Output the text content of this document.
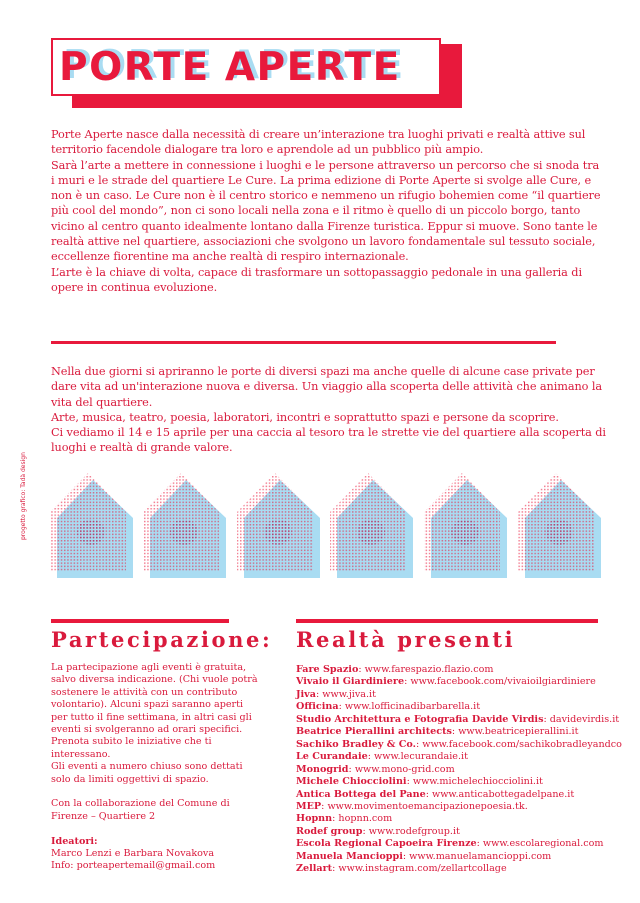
PORTE APERTE

Porte Aperte nasce dalla necessità di creare un’interazione tra luoghi privati e realtà attive sul territorio facendole dialogare tra loro e aprendole ad un pubblico più ampio.

Sarà l’arte a mettere in connessione i luoghi e le persone attraverso un percorso che si snoda tra i muri e le strade del quartiere Le Cure. La prima edizione di Porte Aperte si svolge alle Cure, e non è un caso. Le Cure non è il centro storico e nemmeno un rifugio bohemien come “il quartiere più cool del mondo”, non ci sono locali nella zona e il ritmo è quello di un piccolo borgo, tanto vicino al centro quanto idealmente lontano dalla Firenze turistica. Eppur si muove. Sono tante le realtà attive nel quartiere, associazioni che svolgono un lavoro fondamentale sul tessuto sociale, eccellenze fiorentine ma anche realtà di respiro internazionale.

L’arte è la chiave di volta, capace di trasformare un sottopassaggio pedonale in una galleria di opere in continua evoluzione.

Nella due giorni si apriranno le porte di diversi spazi ma anche quelle di alcune case private per dare vita ad un'interazione nuova e diversa. Un viaggio alla scoperta delle attività che animano la vita del quartiere.

Arte, musica, teatro, poesia, laboratori, incontri e soprattutto spazi e persone da scoprire.

Ci vediamo il 14 e 15 aprile per una caccia al tesoro tra le strette vie del quartiere alla scoperta di luoghi e realtà di grande valore.

progetto grafico: Tadà design
Partecipazione:

La partecipazione agli eventi è gratuita, salvo diversa indicazione. (Chi vuole potrà sostenere le attività con un contributo volontario). Alcuni spazi saranno aperti per tutto il fine settimana, in altri casi gli eventi si svolgeranno ad orari specifici. Prenota subito le iniziative che ti interessano.

Gli eventi a numero chiuso sono dettati solo da limiti oggettivi di spazio.

Con la collaborazione del Comune di Firenze – Quartiere 2

Ideatori:

Marco Lenzi e Barbara Novakova

Info: porteapertemail@gmail.com

Realtà presenti
Fare Spazio: www.farespazio.flazio.com
Vivaio il Giardiniere: www.facebook.com/vivaioilgiardiniere
Jiva: www.jiva.it
Officina: www.lofficinadibarbarella.it
Studio Architettura e Fotografia Davide Virdis: davidevirdis.it
Beatrice Pierallini architects: www.beatricepierallini.it
Sachiko Bradley & Co.: www.facebook.com/sachikobradleyandco
Le Curandaie: www.lecurandaie.it
Monogrid: www.mono-grid.com
Michele Chiocciolini: www.michelechiocciolini.it
Antica Bottega del Pane: www.anticabottegadelpane.it
MEP: www.movimentoemancipazionepoesia.tk.
Hopnn: hopnn.com
Rodef group: www.rodefgroup.it
Escola Regional Capoeira Firenze: www.escolaregional.com
Manuela Mancioppi: www.manuelamancioppi.com
Zellart: www.instagram.com/zellartcollage
